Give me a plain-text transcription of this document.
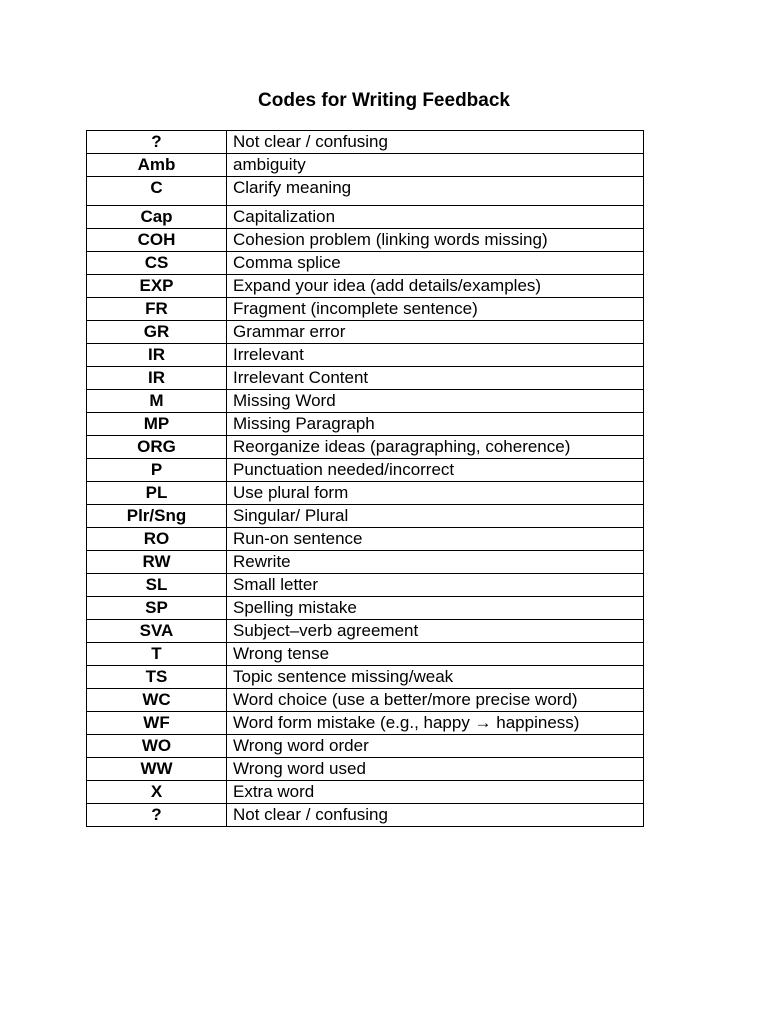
Codes for Writing Feedback
?	Not clear / confusing
Amb	ambiguity
C	Clarify meaning
Cap	Capitalization
COH	Cohesion problem (linking words missing)
CS	Comma splice
EXP	Expand your idea (add details/examples)
FR	Fragment (incomplete sentence)
GR	Grammar error
IR	Irrelevant
IR	Irrelevant Content
M	Missing Word
MP	Missing Paragraph
ORG	Reorganize ideas (paragraphing, coherence)
P	Punctuation needed/incorrect
PL	Use plural form
Plr/Sng	Singular/ Plural
RO	Run-on sentence
RW	Rewrite
SL	Small letter
SP	Spelling mistake
SVA	Subject–verb agreement
T	Wrong tense
TS	Topic sentence missing/weak
WC	Word choice (use a better/more precise word)
WF	Word form mistake (e.g., happy → happiness)
WO	Wrong word order
WW	Wrong word used
X	Extra word
?	Not clear / confusing
